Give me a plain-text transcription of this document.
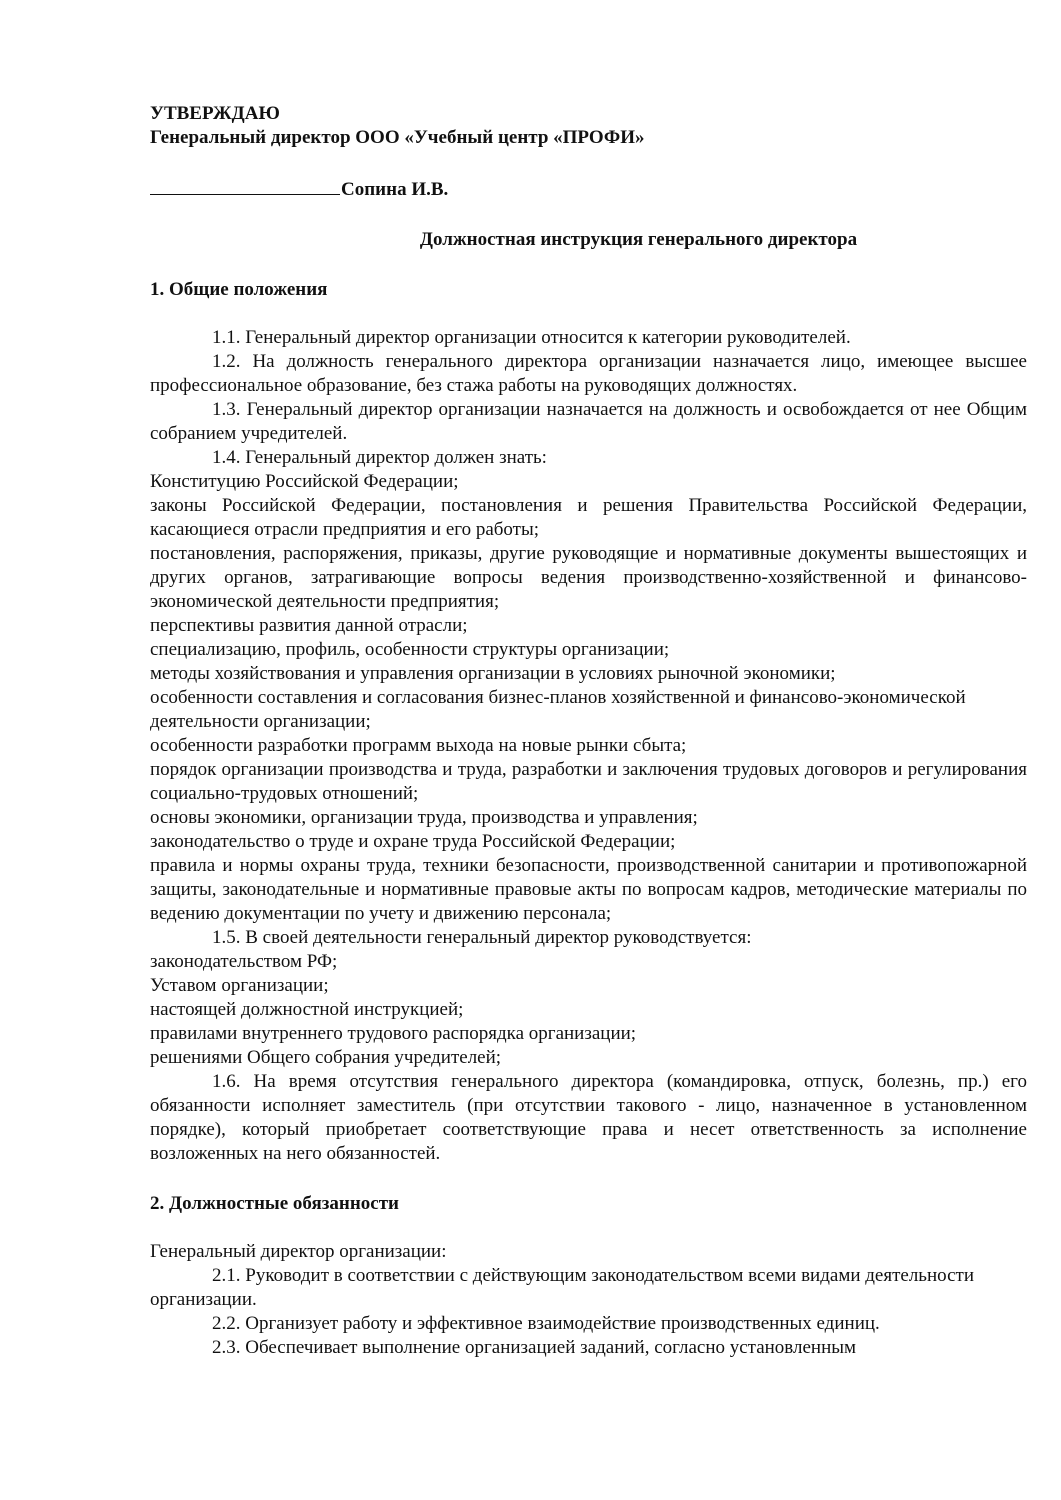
УТВЕРЖДАЮ
Генеральный директор ООО «Учебный центр «ПРОФИ»
Сопина И.В.
Должностная инструкция генерального директора
1. Общие положения

1.1. Генеральный директор организации относится к категории руководителей.

1.2. На должность генерального директора организации назначается лицо, имеющее высшее профессиональное образование, без стажа работы на руководящих должностях.

1.3. Генеральный директор организации назначается на должность и освобождается от нее Общим собранием учредителей.

1.4. Генеральный директор должен знать:

Конституцию Российской Федерации;

законы Российской Федерации, постановления и решения Правительства Российской Федерации, касающиеся отрасли предприятия и его работы;

постановления, распоряжения, приказы, другие руководящие и нормативные документы вышестоящих и других органов, затрагивающие вопросы ведения производственно-хозяйственной и финансово-экономической деятельности предприятия;

перспективы развития данной отрасли;

специализацию, профиль, особенности структуры организации;

методы хозяйствования и управления организации в условиях рыночной экономики;

особенности составления и согласования бизнес-планов хозяйственной и финансово-экономической деятельности организации;

особенности разработки программ выхода на новые рынки сбыта;

порядок организации производства и труда, разработки и заключения трудовых договоров и регулирования социально-трудовых отношений;

основы экономики, организации труда, производства и управления;

законодательство о труде и охране труда Российской Федерации;

правила и нормы охраны труда, техники безопасности, производственной санитарии и противопожарной защиты, законодательные и нормативные правовые акты по вопросам кадров, методические материалы по ведению документации по учету и движению персонала;

1.5. В своей деятельности генеральный директор руководствуется:

законодательством РФ;

Уставом организации;

настоящей должностной инструкцией;

правилами внутреннего трудового распорядка организации;

решениями Общего собрания учредителей;

1.6. На время отсутствия генерального директора (командировка, отпуск, болезнь, пр.) его обязанности исполняет заместитель (при отсутствии такового - лицо, назначенное в установленном порядке), который приобретает соответствующие права и несет ответственность за исполнение возложенных на него обязанностей.

2. Должностные обязанности

Генеральный директор организации:

2.1. Руководит в соответствии с действующим законодательством всеми видами деятельности организации.

2.2. Организует работу и эффективное взаимодействие производственных единиц.

2.3. Обеспечивает выполнение организацией заданий, согласно установленным
